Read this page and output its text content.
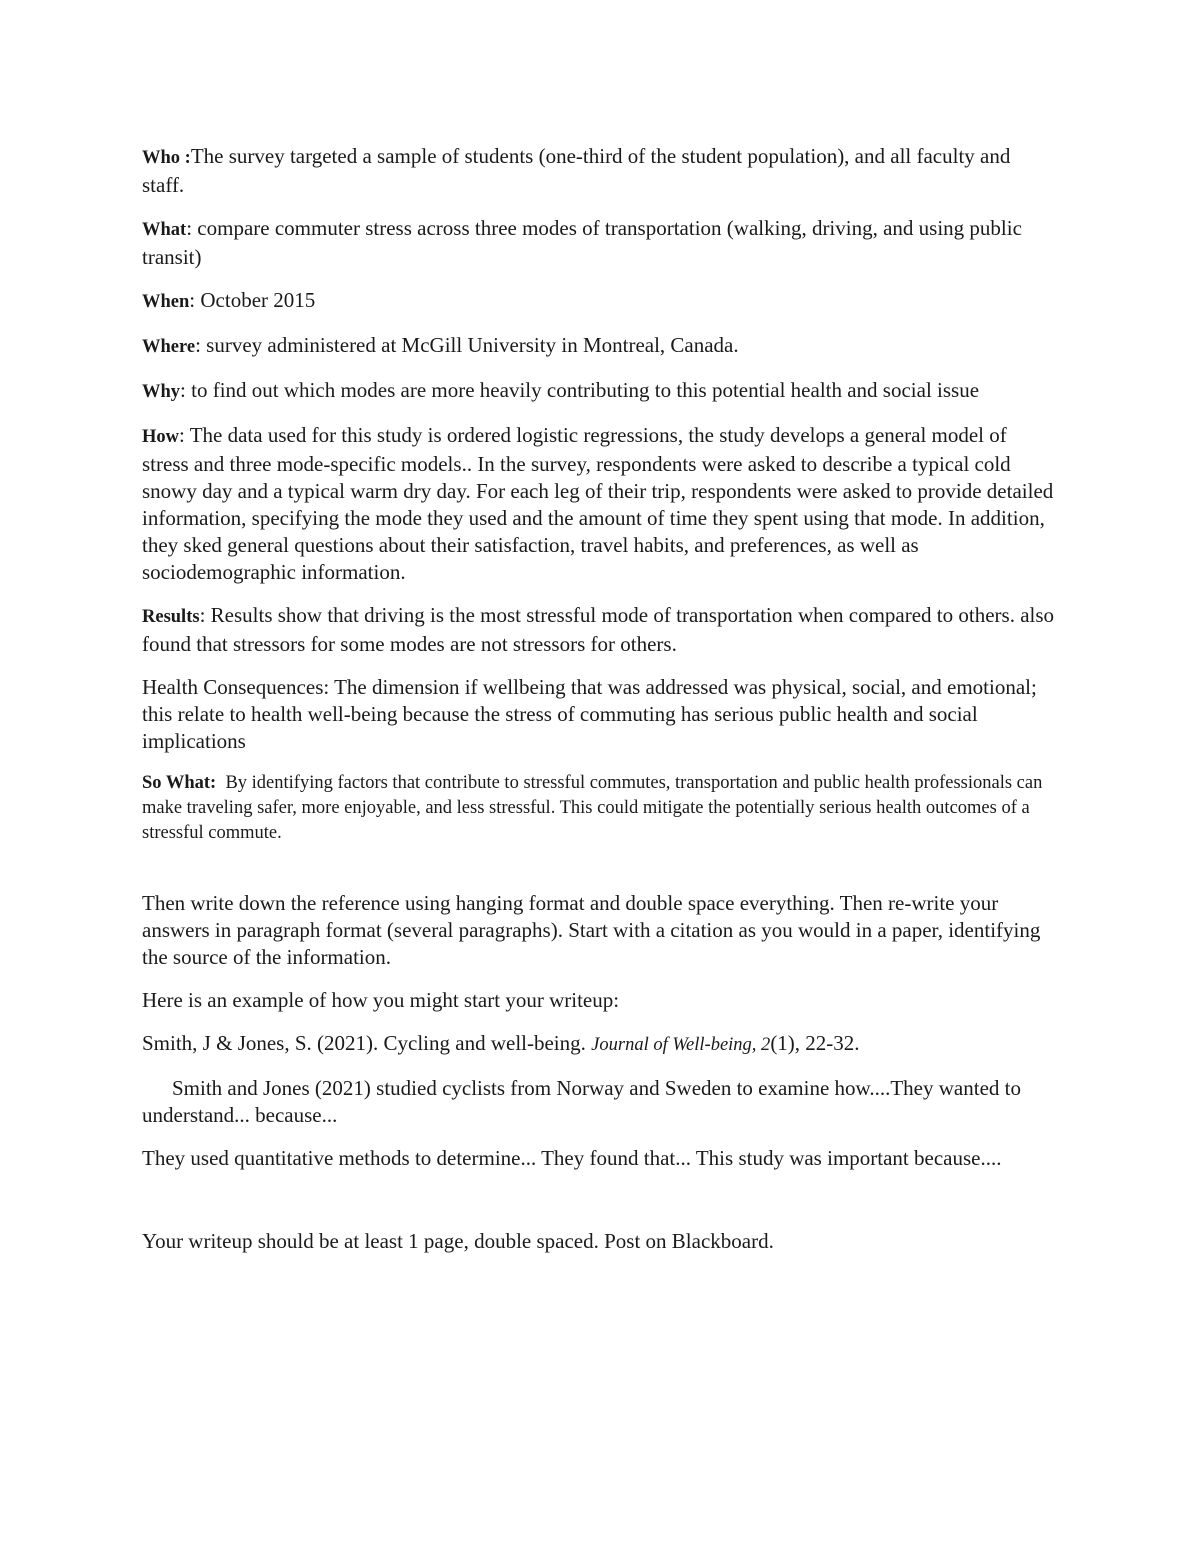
Who :The survey targeted a sample of students (one-third of the student population), and all faculty and staff.

What: compare commuter stress across three modes of transportation (walking, driving, and using public transit)

When: October 2015

Where: survey administered at McGill University in Montreal, Canada.

Why: to find out which modes are more heavily contributing to this potential health and social issue

How: The data used for this study is ordered logistic regressions, the study develops a general model of stress and three mode-specific models.. In the survey, respondents were asked to describe a typical cold snowy day and a typical warm dry day. For each leg of their trip, respondents were asked to provide detailed information, specifying the mode they used and the amount of time they spent using that mode. In addition, they sked general questions about their satisfaction, travel habits, and preferences, as well as sociodemographic information.

Results: Results show that driving is the most stressful mode of transportation when compared to others. also found that stressors for some modes are not stressors for others.

Health Consequences: The dimension if wellbeing that was addressed was physical, social, and emotional; this relate to health well-being because the stress of commuting has serious public health and social implications

So What:  By identifying factors that contribute to stressful commutes, transportation and public health professionals can make traveling safer, more enjoyable, and less stressful. This could mitigate the potentially serious health outcomes of a stressful commute.

Then write down the reference using hanging format and double space everything. Then re-write your answers in paragraph format (several paragraphs). Start with a citation as you would in a paper, identifying the source of the information.

Here is an example of how you might start your writeup:

Smith, J & Jones, S. (2021). Cycling and well-being. Journal of Well-being, 2(1), 22-32.

Smith and Jones (2021) studied cyclists from Norway and Sweden to examine how....They wanted to understand... because...

They used quantitative methods to determine... They found that... This study was important because....

Your writeup should be at least 1 page, double spaced. Post on Blackboard.
